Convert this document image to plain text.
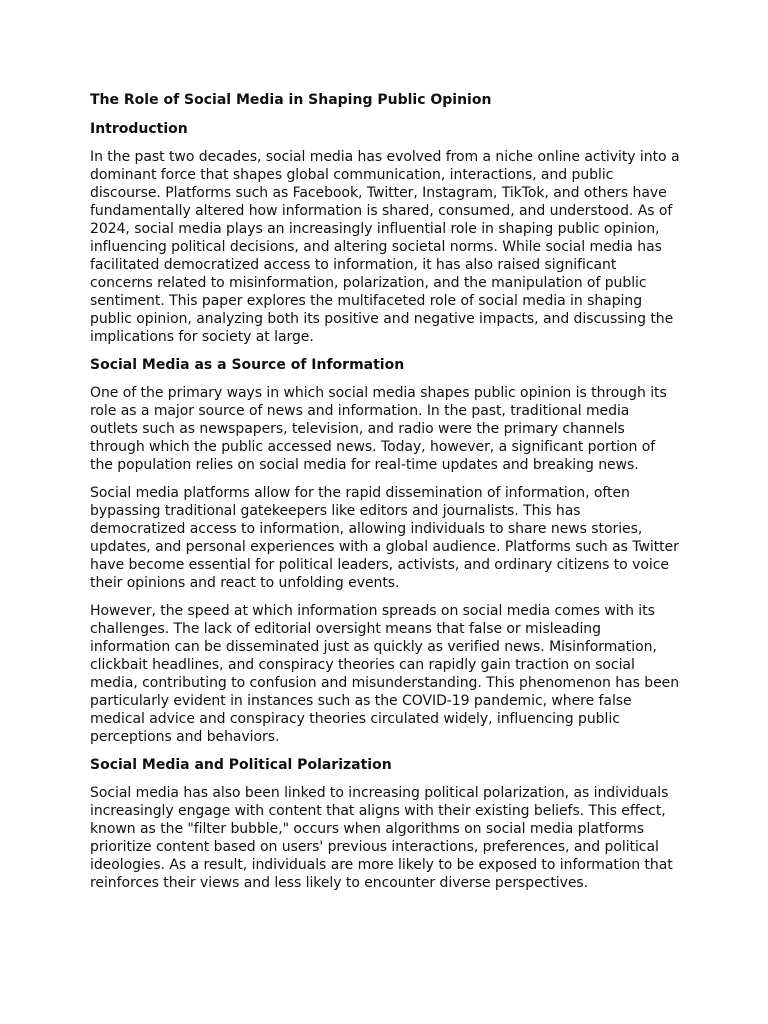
The Role of Social Media in Shaping Public Opinion
Introduction

In the past two decades, social media has evolved from a niche online activity into a dominant force that shapes global communication, interactions, and public discourse. Platforms such as Facebook, Twitter, Instagram, TikTok, and others have fundamentally altered how information is shared, consumed, and understood. As of 2024, social media plays an increasingly influential role in shaping public opinion, influencing political decisions, and altering societal norms. While social media has facilitated democratized access to information, it has also raised significant concerns related to misinformation, polarization, and the manipulation of public sentiment. This paper explores the multifaceted role of social media in shaping public opinion, analyzing both its positive and negative impacts, and discussing the implications for society at large.

Social Media as a Source of Information

One of the primary ways in which social media shapes public opinion is through its role as a major source of news and information. In the past, traditional media outlets such as newspapers, television, and radio were the primary channels through which the public accessed news. Today, however, a significant portion of the population relies on social media for real-time updates and breaking news.

Social media platforms allow for the rapid dissemination of information, often bypassing traditional gatekeepers like editors and journalists. This has democratized access to information, allowing individuals to share news stories, updates, and personal experiences with a global audience. Platforms such as Twitter have become essential for political leaders, activists, and ordinary citizens to voice their opinions and react to unfolding events.

However, the speed at which information spreads on social media comes with its challenges. The lack of editorial oversight means that false or misleading information can be disseminated just as quickly as verified news. Misinformation, clickbait headlines, and conspiracy theories can rapidly gain traction on social media, contributing to confusion and misunderstanding. This phenomenon has been particularly evident in instances such as the COVID-19 pandemic, where false medical advice and conspiracy theories circulated widely, influencing public perceptions and behaviors.

Social Media and Political Polarization

Social media has also been linked to increasing political polarization, as individuals increasingly engage with content that aligns with their existing beliefs. This effect, known as the "filter bubble," occurs when algorithms on social media platforms prioritize content based on users' previous interactions, preferences, and political ideologies. As a result, individuals are more likely to be exposed to information that reinforces their views and less likely to encounter diverse perspectives.
